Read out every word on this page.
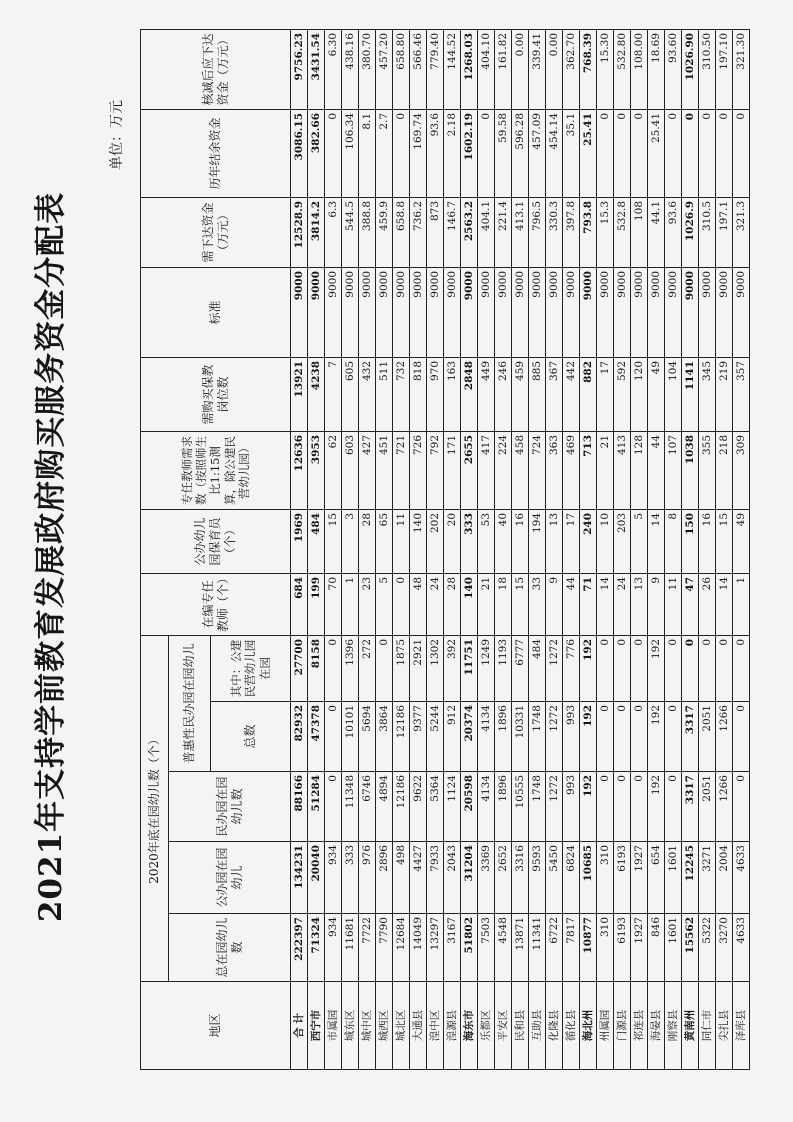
2021年支持学前教育发展政府购买服务资金分配表
单位：万元
地区	2020年底在园幼儿数（个）					在编专任教师（个）	公办幼儿园保育员（个）	专任教师需求数（按照师生比1:15测算，除公建民营幼儿园）	需购买保教岗位数	标准	需下达资金（万元）	历年结余资金	核减后应下达资金（万元）
	总在园幼儿数	公办园在园幼儿	民办园在园幼儿数	普惠性民办园在园幼儿									
				总数	其中：公建民营幼儿园在园								
合 计	222397	134231	88166	82932	27700	684	1969	12636	13921	9000	12528.9	3086.15	9756.23
西宁市	71324	20040	51284	47378	8158	199	484	3953	4238	9000	3814.2	382.66	3431.54
市属园	934	934	0	0	0	70	15	62	7	9000	6.3	0	6.30
城东区	11681	333	11348	10101	1396	1	3	603	605	9000	544.5	106.34	438.16
城中区	7722	976	6746	5694	272	23	28	427	432	9000	388.8	8.1	380.70
城西区	7790	2896	4894	3864	0	5	65	451	511	9000	459.9	2.7	457.20
城北区	12684	498	12186	12186	1875	0	11	721	732	9000	658.8	0	658.80
大通县	14049	4427	9622	9377	2921	48	140	726	818	9000	736.2	169.74	566.46
湟中区	13297	7933	5364	5244	1302	24	202	792	970	9000	873	93.6	779.40
湟源县	3167	2043	1124	912	392	28	20	171	163	9000	146.7	2.18	144.52
海东市	51802	31204	20598	20374	11751	140	333	2655	2848	9000	2563.2	1602.19	1268.03
乐都区	7503	3369	4134	4134	1249	21	53	417	449	9000	404.1	0	404.10
平安区	4548	2652	1896	1896	1193	18	40	224	246	9000	221.4	59.58	161.82
民和县	13871	3316	10555	10331	6777	15	16	458	459	9000	413.1	596.28	0.00
互助县	11341	9593	1748	1748	484	33	194	724	885	9000	796.5	457.09	339.41
化隆县	6722	5450	1272	1272	1272	9	13	363	367	9000	330.3	454.14	0.00
循化县	7817	6824	993	993	776	44	17	469	442	9000	397.8	35.1	362.70
海北州	10877	10685	192	192	192	71	240	713	882	9000	793.8	25.41	768.39
州属园	310	310	0	0	0	14	10	21	17	9000	15.3	0	15.30
门源县	6193	6193	0	0	0	24	203	413	592	9000	532.8	0	532.80
祁连县	1927	1927	0	0	0	13	5	128	120	9000	108	0	108.00
海晏县	846	654	192	192	192	9	14	44	49	9000	44.1	25.41	18.69
刚察县	1601	1601	0	0	0	11	8	107	104	9000	93.6	0	93.60
黄南州	15562	12245	3317	3317	0	47	150	1038	1141	9000	1026.9	0	1026.90
同仁市	5322	3271	2051	2051	0	26	16	355	345	9000	310.5	0	310.50
尖扎县	3270	2004	1266	1266	0	14	15	218	219	9000	197.1	0	197.10
泽库县	4633	4633	0	0	0	1	49	309	357	9000	321.3	0	321.30
